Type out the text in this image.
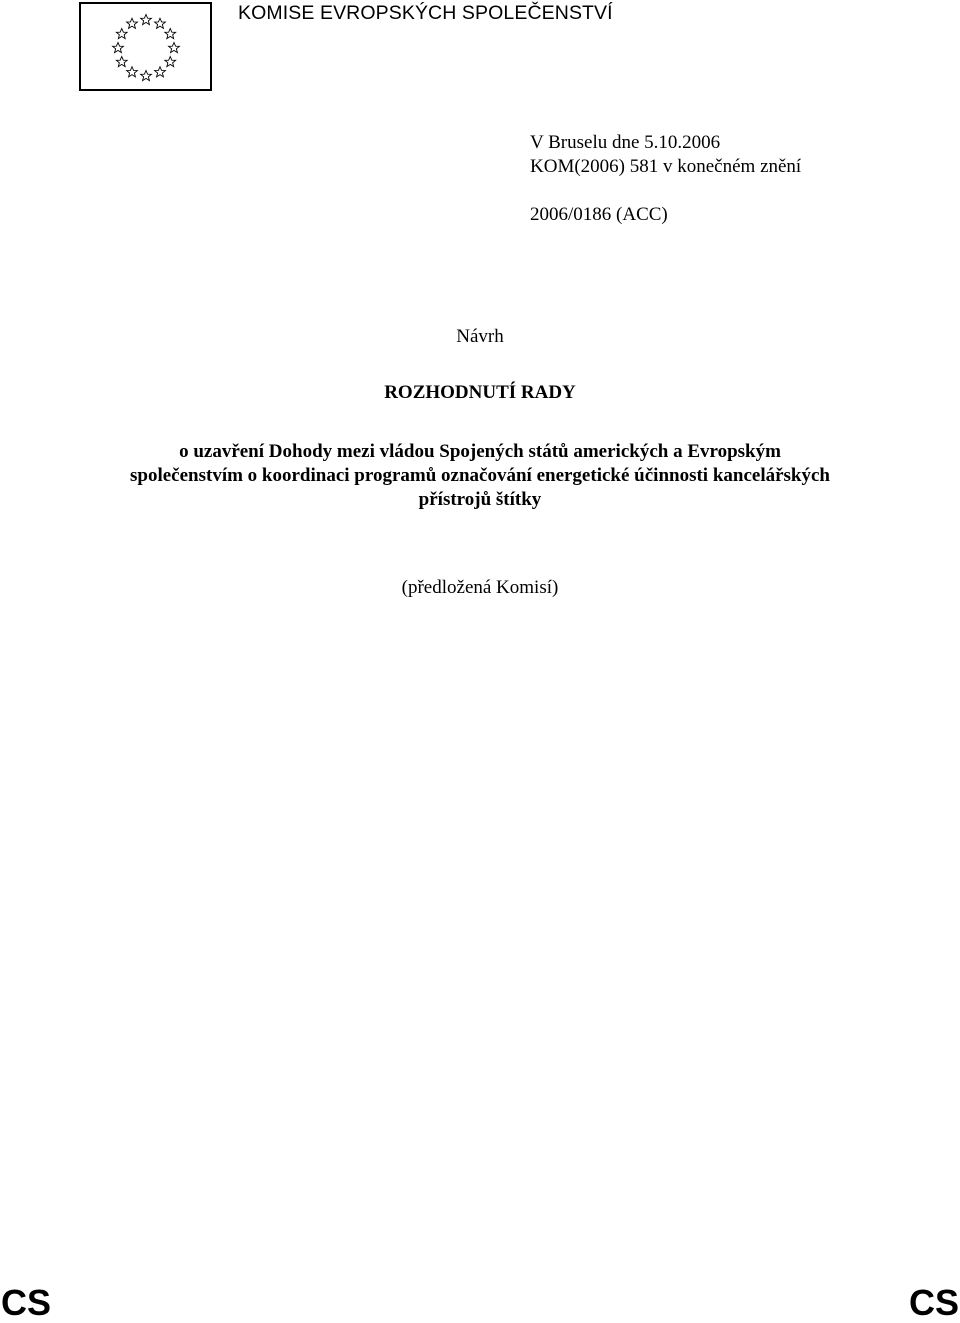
KOMISE EVROPSKÝCH SPOLEČENSTVÍ
V Bruselu dne 5.10.2006
KOM(2006) 581 v konečném znění
2006/0186 (ACC)
Návrh
ROZHODNUTÍ RADY
o uzavření Dohody mezi vládou Spojených států amerických a Evropským
společenstvím o koordinaci programů označování energetické účinnosti kancelářských
přístrojů štítky
(předložená Komisí)
CS	CS
